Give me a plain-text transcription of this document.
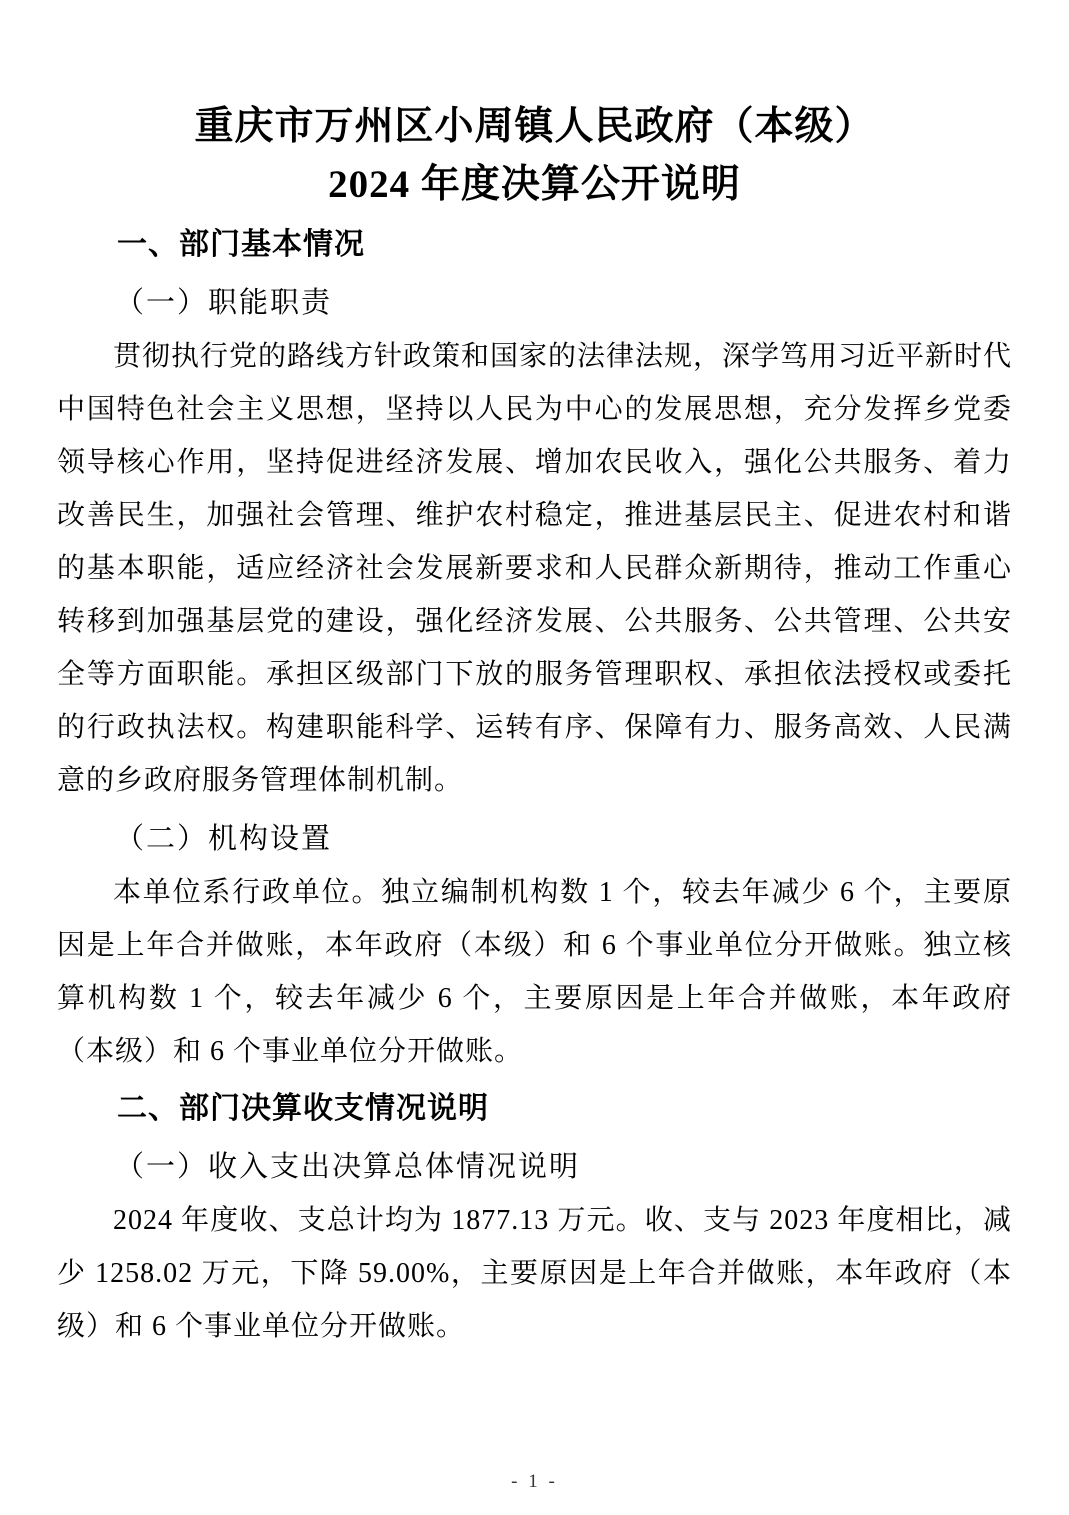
重庆市万州区小周镇人民政府（本级）
2024 年度决算公开说明
一、部门基本情况
（一）职能职责

贯彻执行党的路线方针政策和国家的法律法规，深学笃用习近平新时代中国特色社会主义思想，坚持以人民为中心的发展思想，充分发挥乡党委领导核心作用，坚持促进经济发展、增加农民收入，强化公共服务、着力改善民生，加强社会管理、维护农村稳定，推进基层民主、促进农村和谐的基本职能，适应经济社会发展新要求和人民群众新期待，推动工作重心转移到加强基层党的建设，强化经济发展、公共服务、公共管理、公共安全等方面职能。承担区级部门下放的服务管理职权、承担依法授权或委托的行政执法权。构建职能科学、运转有序、保障有力、服务高效、人民满意的乡政府服务管理体制机制。

（二）机构设置

本单位系行政单位。独立编制机构数 1 个，较去年减少 6 个，主要原因是上年合并做账，本年政府（本级）和 6 个事业单位分开做账。独立核算机构数 1 个，较去年减少 6 个，主要原因是上年合并做账，本年政府（本级）和 6 个事业单位分开做账。

二、部门决算收支情况说明
（一）收入支出决算总体情况说明

2024 年度收、支总计均为 1877.13 万元。收、支与 2023 年度相比，减少 1258.02 万元，下降 59.00%，主要原因是上年合并做账，本年政府（本级）和 6 个事业单位分开做账。

- 1 -
